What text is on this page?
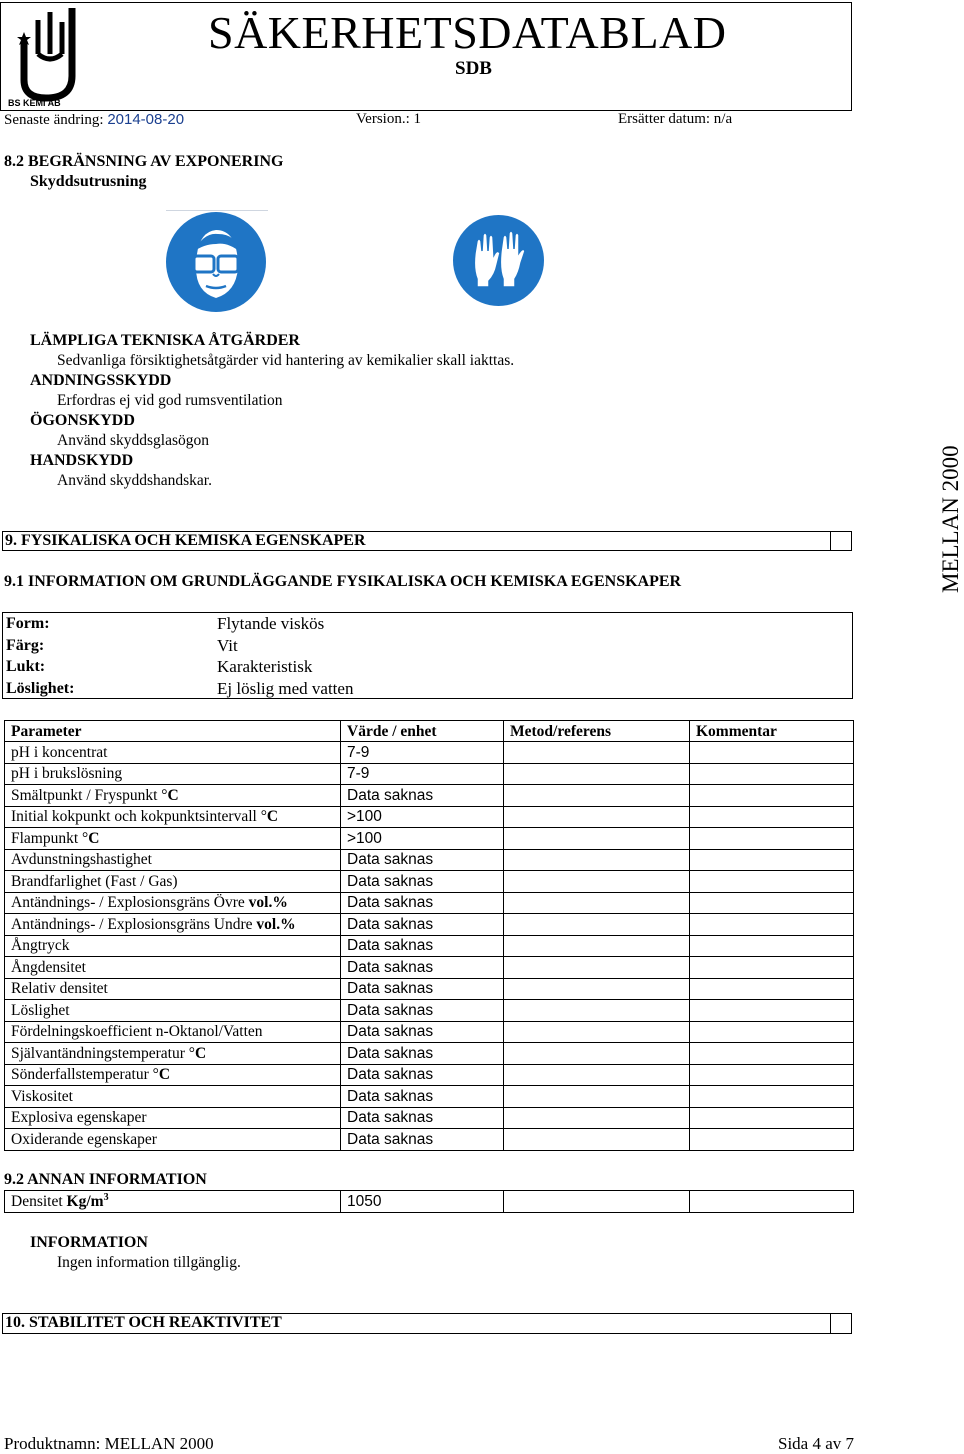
BS KEMI AB
SÄKERHETSDATABLAD
SDB
Senaste ändring: 2014-08-20	Version.: 1	Ersätter datum: n/a
8.2 BEGRÄNSNING AV EXPONERING
Skyddsutrusning
LÄMPLIGA TEKNISKA ÅTGÄRDER
Sedvanliga försiktighetsåtgärder vid hantering av kemikalier skall iakttas.
ANDNINGSSKYDD
Erfordras ej vid god rumsventilation
ÖGONSKYDD
Använd skyddsglasögon
HANDSKYDD
Använd skyddshandskar.
9. FYSIKALISKA OCH KEMISKA EGENSKAPER
9.1 INFORMATION OM GRUNDLÄGGANDE FYSIKALISKA OCH KEMISKA EGENSKAPER	MELLAN 2000
Form:	Flytande viskös
Färg:	Vit
Lukt:	Karakteristisk
Löslighet:	Ej löslig med vatten
Parameter	Värde / enhet	Metod/referens	Kommentar
pH i koncentrat	7-9		
pH i brukslösning	7-9		
Smältpunkt / Fryspunkt °C	Data saknas		
Initial kokpunkt och kokpunktsintervall °C	>100		
Flampunkt °C	>100		
Avdunstningshastighet	Data saknas		
Brandfarlighet (Fast / Gas)	Data saknas		
Antändnings- / Explosionsgräns Övre vol.%	Data saknas		
Antändnings- / Explosionsgräns Undre vol.%	Data saknas		
Ångtryck	Data saknas		
Ångdensitet	Data saknas		
Relativ densitet	Data saknas		
Löslighet	Data saknas		
Fördelningskoefficient n-Oktanol/Vatten	Data saknas		
Självantändningstemperatur °C	Data saknas		
Sönderfallstemperatur °C	Data saknas		
Viskositet	Data saknas		
Explosiva egenskaper	Data saknas		
Oxiderande egenskaper	Data saknas		
9.2 ANNAN INFORMATION
Densitet $Kg/m^3$	1050		
INFORMATION
Ingen information tillgänglig.
10. STABILITET OCH REAKTIVITET
Produktnamn: MELLAN 2000	Sida 4 av 7
